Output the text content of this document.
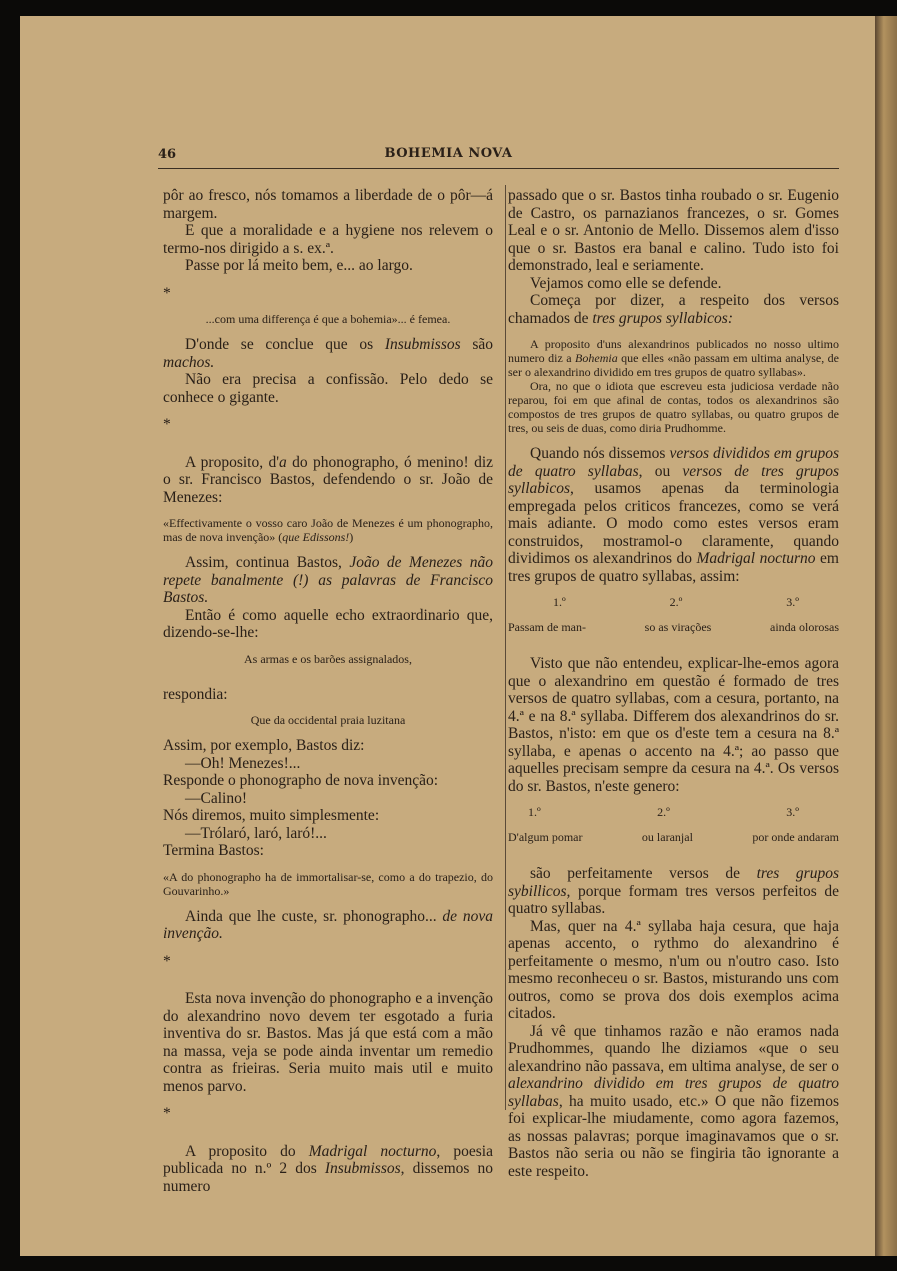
46	BOHEMIA NOVA

pôr ao fresco, nós tomamos a liberdade de o pôr—á margem.

E que a moralidade e a hygiene nos relevem o termo-nos dirigido a s. ex.ª.

Passe por lá meito bem, e... ao largo.

*

...com uma differença é que a bohemia»... é femea.

D'onde se conclue que os Insubmissos são machos.

Não era precisa a confissão. Pelo dedo se conhece o gigante.

*

A proposito, d'a do phonographo, ó menino! diz o sr. Francisco Bastos, defendendo o sr. João de Menezes:

«Effectivamente o vosso caro João de Menezes é um phonographo, mas de nova invenção» (que Edissons!)

Assim, continua Bastos, João de Menezes não repete banalmente (!) as palavras de Francisco Bastos.

Então é como aquelle echo extraordinario que, dizendo-se-lhe:

As armas e os barões assignalados,

respondia:

Que da occidental praia luzitana

Assim, por exemplo, Bastos diz:

—Oh! Menezes!...

Responde o phonographo de nova invenção:

—Calino!

Nós diremos, muito simplesmente:

—Trólaró, laró, laró!...

Termina Bastos:

«A do phonographo ha de immortalisar-se, como a do trapezio, do Gouvarinho.»

Ainda que lhe custe, sr. phonographo... de nova invenção.

*

Esta nova invenção do phonographo e a invenção do alexandrino novo devem ter esgotado a furia inventiva do sr. Bastos. Mas já que está com a mão na massa, veja se pode ainda inventar um remedio contra as frieiras. Seria muito mais util e muito menos parvo.

*

A proposito do Madrigal nocturno, poesia publicada no n.º 2 dos Insubmissos, dissemos no numero

passado que o sr. Bastos tinha roubado o sr. Eugenio de Castro, os parnazianos francezes, o sr. Gomes Leal e o sr. Antonio de Mello. Dissemos alem d'isso que o sr. Bastos era banal e calino. Tudo isto foi demonstrado, leal e seriamente.

Vejamos como elle se defende.

Começa por dizer, a respeito dos versos chamados de tres grupos syllabicos:

A proposito d'uns alexandrinos publicados no nosso ultimo numero diz a Bohemia que elles «não passam em ultima analyse, de ser o alexandrino dividido em tres grupos de quatro syllabas».

Ora, no que o idiota que escreveu esta judiciosa verdade não reparou, foi em que afinal de contas, todos os alexandrinos são compostos de tres grupos de quatro syllabas, ou quatro grupos de tres, ou seis de duas, como diria Prudhomme.

Quando nós dissemos versos divididos em grupos de quatro syllabas, ou versos de tres grupos syllabicos, usamos apenas da terminologia empregada pelos criticos francezes, como se verá mais adiante. O modo como estes versos eram construidos, mostramol-o claramente, quando dividimos os alexandrinos do Madrigal nocturno em tres grupos de quatro syllabas, assim:

1.º	2.º	3.º
Passam de man-	so as virações	ainda olorosas

Visto que não entendeu, explicar-lhe-emos agora que o alexandrino em questão é formado de tres versos de quatro syllabas, com a cesura, portanto, na 4.ª e na 8.ª syllaba. Differem dos alexandrinos do sr. Bastos, n'isto: em que os d'este tem a cesura na 8.ª syllaba, e apenas o accento na 4.ª; ao passo que aquelles precisam sempre da cesura na 4.ª. Os versos do sr. Bastos, n'este genero:

1.º	2.º	3.º
D'algum pomar	ou laranjal	por onde andaram

são perfeitamente versos de tres grupos sybillicos, porque formam tres versos perfeitos de quatro syllabas.

Mas, quer na 4.ª syllaba haja cesura, que haja apenas accento, o rythmo do alexandrino é perfeitamente o mesmo, n'um ou n'outro caso. Isto mesmo reconheceu o sr. Bastos, misturando uns com outros, como se prova dos dois exemplos acima citados.

Já vê que tinhamos razão e não eramos nada Prudhommes, quando lhe diziamos «que o seu alexandrino não passava, em ultima analyse, de ser o alexandrino dividido em tres grupos de quatro syllabas, ha muito usado, etc.» O que não fizemos foi explicar-lhe miudamente, como agora fazemos, as nossas palavras; porque imaginavamos que o sr. Bastos não seria ou não se fingiria tão ignorante a este respeito.
